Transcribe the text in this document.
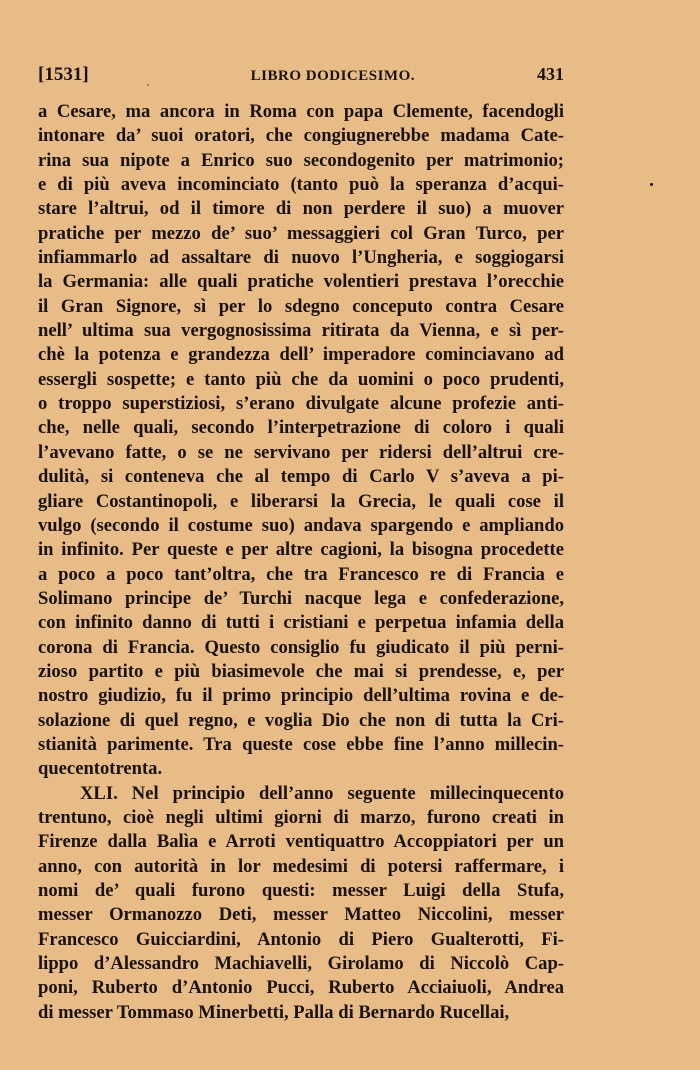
[1531]	LIBRO DODICESIMO.	431
a Cesare, ma ancora in Roma con papa Clemente, facendogli
intonare da’ suoi oratori, che congiugnerebbe madama Cate-
rina sua nipote a Enrico suo secondogenito per matrimonio;
e di più aveva incominciato (tanto può la speranza d’acqui-
stare l’altrui, od il timore di non perdere il suo) a muover
pratiche per mezzo de’ suo’ messaggieri col Gran Turco, per
infiammarlo ad assaltare di nuovo l’Ungheria, e soggiogarsi
la Germania: alle quali pratiche volentieri prestava l’orecchie
il Gran Signore, sì per lo sdegno conceputo contra Cesare
nell’ ultima sua vergognosissima ritirata da Vienna, e sì per-
chè la potenza e grandezza dell’ imperadore cominciavano ad
essergli sospette; e tanto più che da uomini o poco prudenti,
o troppo superstiziosi, s’erano divulgate alcune profezie anti-
che, nelle quali, secondo l’interpetrazione di coloro i quali
l’avevano fatte, o se ne servivano per ridersi dell’altrui cre-
dulità, si conteneva che al tempo di Carlo V s’aveva a pi-
gliare Costantinopoli, e liberarsi la Grecia, le quali cose il
vulgo (secondo il costume suo) andava spargendo e ampliando
in infinito. Per queste e per altre cagioni, la bisogna procedette
a poco a poco tant’oltra, che tra Francesco re di Francia e
Solimano principe de’ Turchi nacque lega e confederazione,
con infinito danno di tutti i cristiani e perpetua infamia della
corona di Francia. Questo consiglio fu giudicato il più perni-
zioso partito e più biasimevole che mai si prendesse, e, per
nostro giudizio, fu il primo principio dell’ultima rovina e de-
solazione di quel regno, e voglia Dio che non di tutta la Cri-
stianità parimente. Tra queste cose ebbe fine l’anno millecin-
quecentotrenta.
XLI. Nel principio dell’anno seguente millecinquecento
trentuno, cioè negli ultimi giorni di marzo, furono creati in
Firenze dalla Balìa e Arroti ventiquattro Accoppiatori per un
anno, con autorità in lor medesimi di potersi raffermare, i
nomi de’ quali furono questi: messer Luigi della Stufa,
messer Ormanozzo Deti, messer Matteo Niccolini, messer
Francesco Guicciardini, Antonio di Piero Gualterotti, Fi-
lippo d’Alessandro Machiavelli, Girolamo di Niccolò Cap-
poni, Ruberto d’Antonio Pucci, Ruberto Acciaiuoli, Andrea
di messer Tommaso Minerbetti, Palla di Bernardo Rucellai,
